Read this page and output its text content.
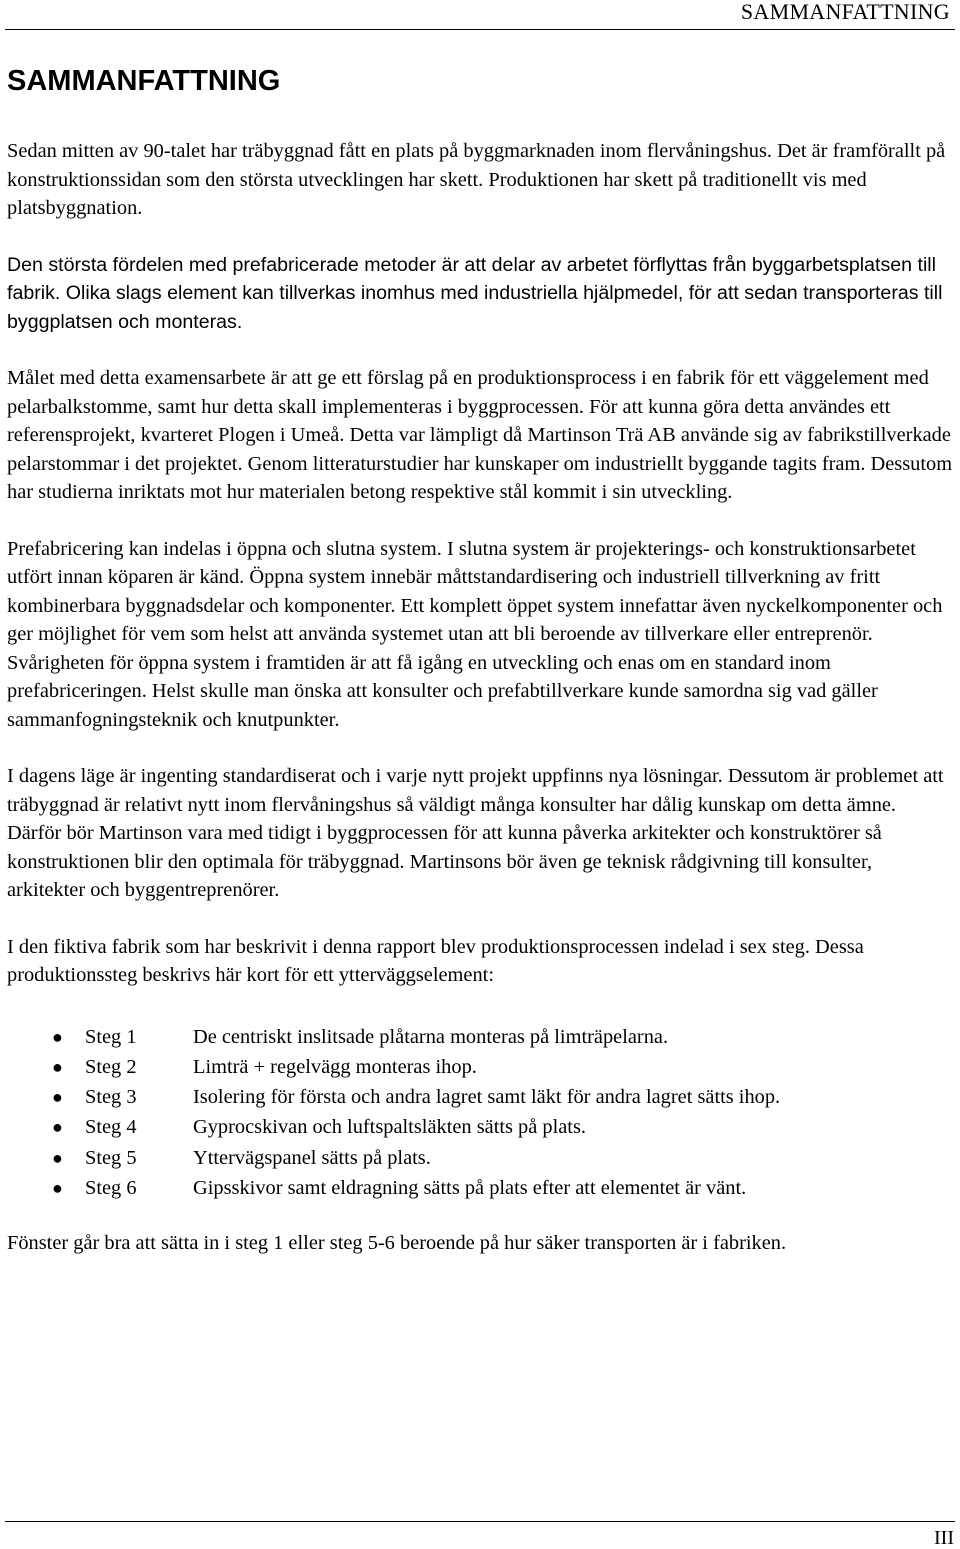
SAMMANFATTNING
SAMMANFATTNING

Sedan mitten av 90-talet har träbyggnad fått en plats på byggmarknaden inom flervåningshus. Det är framförallt på konstruktionssidan som den största utvecklingen har skett. Produktionen har skett på traditionellt vis med platsbyggnation.

Den största fördelen med prefabricerade metoder är att delar av arbetet förflyttas från byggarbetsplatsen till fabrik. Olika slags element kan tillverkas inomhus med industriella hjälpmedel, för att sedan transporteras till byggplatsen och monteras.

Målet med detta examensarbete är att ge ett förslag på en produktionsprocess i en fabrik för ett väggelement med pelarbalkstomme, samt hur detta skall implementeras i byggprocessen. För att kunna göra detta användes ett referensprojekt, kvarteret Plogen i Umeå. Detta var lämpligt då Martinson Trä AB använde sig av fabrikstillverkade pelarstommar i det projektet. Genom litteraturstudier har kunskaper om industriellt byggande tagits fram. Dessutom har studierna inriktats mot hur materialen betong respektive stål kommit i sin utveckling.

Prefabricering kan indelas i öppna och slutna system. I slutna system är projekterings- och konstruktionsarbetet utfört innan köparen är känd. Öppna system innebär måttstandardisering och industriell tillverkning av fritt kombinerbara byggnadsdelar och komponenter. Ett komplett öppet system innefattar även nyckelkomponenter och ger möjlighet för vem som helst att använda systemet utan att bli beroende av tillverkare eller entreprenör. Svårigheten för öppna system i framtiden är att få igång en utveckling och enas om en standard inom prefabriceringen. Helst skulle man önska att konsulter och prefabtillverkare kunde samordna sig vad gäller sammanfogningsteknik och knutpunkter.

I dagens läge är ingenting standardiserat och i varje nytt projekt uppfinns nya lösningar. Dessutom är problemet att träbyggnad är relativt nytt inom flervåningshus så väldigt många konsulter har dålig kunskap om detta ämne. Därför bör Martinson vara med tidigt i byggprocessen för att kunna påverka arkitekter och konstruktörer så konstruktionen blir den optimala för träbyggnad. Martinsons bör även ge teknisk rådgivning till konsulter, arkitekter och byggentreprenörer.

I den fiktiva fabrik som har beskrivit i denna rapport blev produktionsprocessen indelad i sex steg. Dessa produktionssteg beskrivs här kort för ett ytterväggselement:

● Steg 1	De centriskt inslitsade plåtarna monteras på limträpelarna.
● Steg 2	Limträ + regelvägg monteras ihop.
● Steg 3	Isolering för första och andra lagret samt läkt för andra lagret sätts ihop.
● Steg 4	Gyprocskivan och luftspaltsläkten sätts på plats.
● Steg 5	Yttervägspanel sätts på plats.
● Steg 6	Gipsskivor samt eldragning sätts på plats efter att elementet är vänt.

Fönster går bra att sätta in i steg 1 eller steg 5-6 beroende på hur säker transporten är i fabriken.

III
